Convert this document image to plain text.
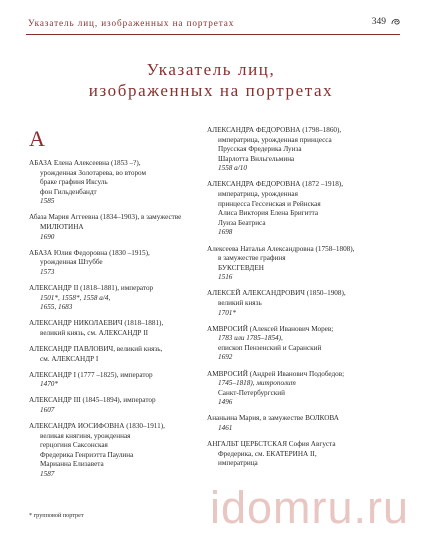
Указатель лиц, изображенных на портретах	349
Указатель лиц,
изображенных на портретах
А
АБАЗА Елена Алексеевна (1853 –?),
урожденная Золотарева, во втором
браке графиня Иксуль
фон Гильденбандт
1585
Абаза Мария Аггеевна (1834–1903), в замужестве
МИЛЮТИНА
1690
АБАЗА Юлия Федоровна (1830 –1915),
урожденная Штуббе
1573
АЛЕКСАНДР II (1818–1881), император
1501*, 1558*, 1558 а/4,
1655, 1683
АЛЕКСАНДР НИКОЛАЕВИЧ (1818–1881),
великий князь, см. АЛЕКСАНДР II
АЛЕКСАНДР ПАВЛОВИЧ, великий князь,
см. АЛЕКСАНДР I
АЛЕКСАНДР I (1777 –1825), император
1470*
АЛЕКСАНДР III (1845–1894), император
1607
АЛЕКСАНДРА ИОСИФОВНА (1830–1911),
великая княгиня, урожденная
герцогиня Саксонская
Фредерика Генриэтта Паулина
Марианна Елизавета
1587
АЛЕКСАНДРА ФЕДОРОВНА (1798–1860),
императрица, урожденная принцесса
Прусская Фредерика Луиза
Шарлотта Вильгельмина
1558 а/10
АЛЕКСАНДРА ФЕДОРОВНА (1872 –1918),
императрица, урожденная
принцесса Гессенская и Рейнская
Алиса Виктория Елена Бригитта
Луиза Беатриса
1698
Алексеева Наталья Александровна (1758–1808),
в замужестве графиня
БУКСГЕВДЕН
1516
АЛЕКСЕЙ АЛЕКСАНДРОВИЧ (1850–1908),
великий князь
1701*
АМВРОСИЙ (Алексей Иванович Морев;
1783 или 1785–1854),
епископ Пензенский и Саранский
1692
АМВРОСИЙ (Андрей Иванович Подобедов;
1745–1818), митрополит
Санкт-Петербургский
1496
Ананьина Мария, в замужестве ВОЛКОВА
1461
АНГАЛЬТ ЦЕРБСТСКАЯ София Августа
Фредерика, см. ЕКАТЕРИНА II,
императрица
* групповой портрет	idomru.ru
